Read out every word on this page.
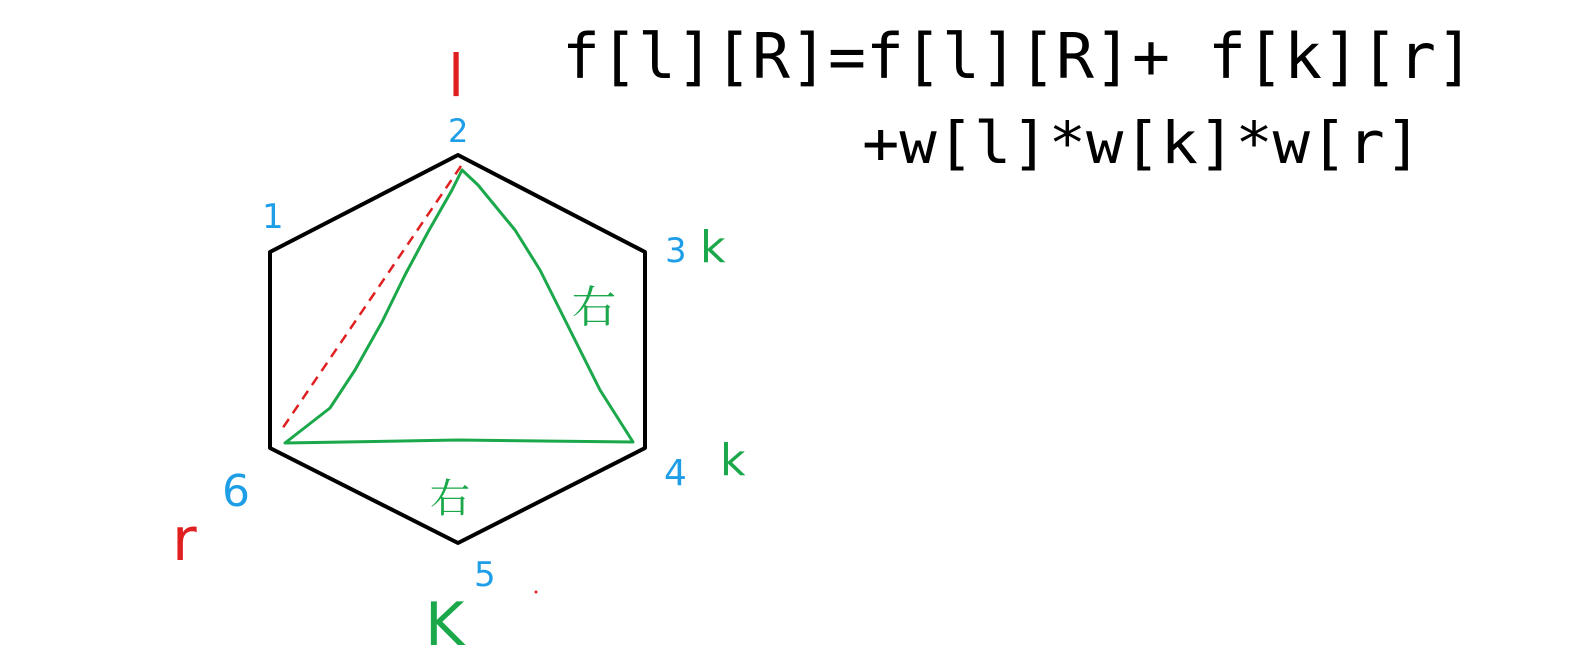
1
2
3
4
5
6
l
r
k
k
K
右
右
f[l][R]=f[l][R]+ f[k][r]
+w[l]*w[k]*w[r]
